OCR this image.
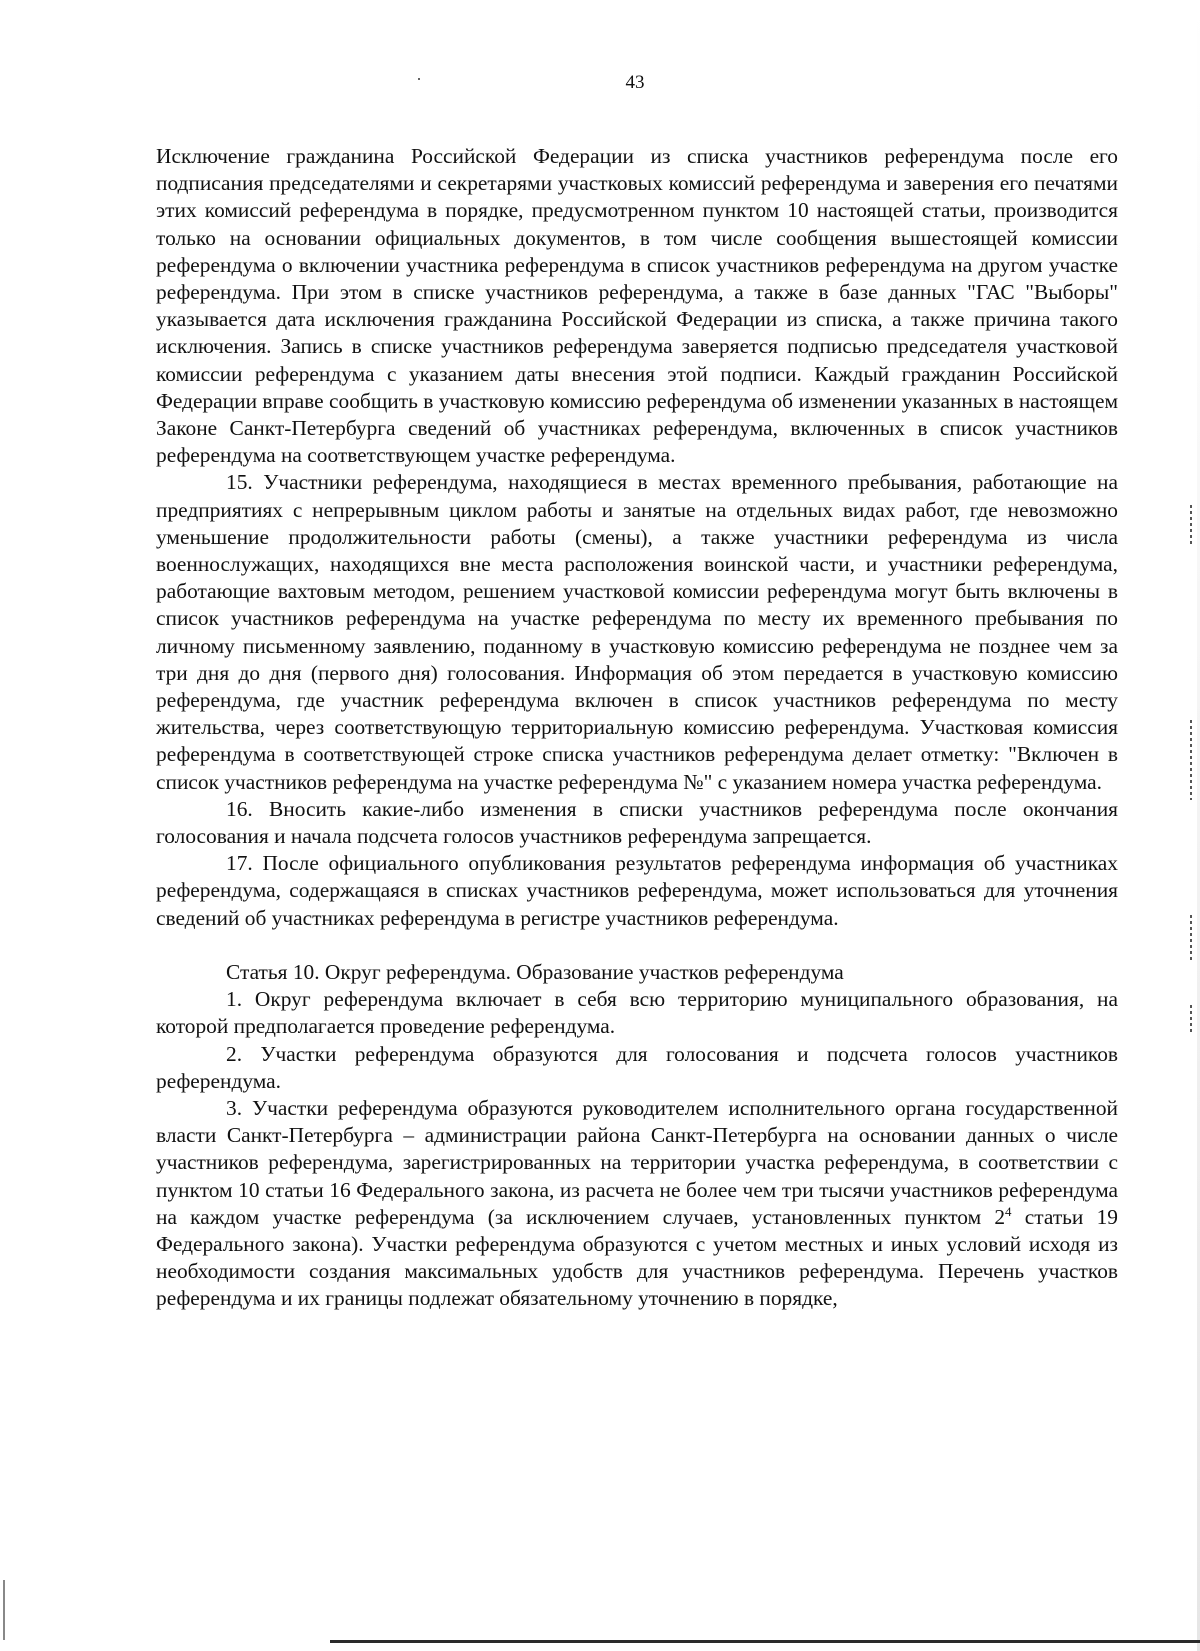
43

Исключение гражданина Российской Федерации из списка участников референдума после его подписания председателями и секретарями участковых комиссий референдума и заверения его печатями этих комиссий референдума в порядке, предусмотренном пунктом 10 настоящей статьи, производится только на основании официальных документов, в том числе сообщения вышестоящей комиссии референдума о включении участника референдума в список участников референдума на другом участке референдума. При этом в списке участников референдума, а также в базе данных "ГАС "Выборы" указывается дата исключения гражданина Российской Федерации из списка, а также причина такого исключения. Запись в списке участников референдума заверяется подписью председателя участковой комиссии референдума с указанием даты внесения этой подписи. Каждый гражданин Российской Федерации вправе сообщить в участковую комиссию референдума об изменении указанных в настоящем Законе Санкт-Петербурга сведений об участниках референдума, включенных в список участников референдума на соответствующем участке референдума.

15. Участники референдума, находящиеся в местах временного пребывания, работающие на предприятиях с непрерывным циклом работы и занятые на отдельных видах работ, где невозможно уменьшение продолжительности работы (смены), а также участники референдума из числа военнослужащих, находящихся вне места расположения воинской части, и участники референдума, работающие вахтовым методом, решением участковой комиссии референдума могут быть включены в список участников референдума на участке референдума по месту их временного пребывания по личному письменному заявлению, поданному в участковую комиссию референдума не позднее чем за три дня до дня (первого дня) голосования. Информация об этом передается в участковую комиссию референдума, где участник референдума включен в список участников референдума по месту жительства, через соответствующую территориальную комиссию референдума. Участковая комиссия референдума в соответствующей строке списка участников референдума делает отметку: "Включен в список участников референдума на участке референдума №" с указанием номера участка референдума.

16. Вносить какие-либо изменения в списки участников референдума после окончания голосования и начала подсчета голосов участников референдума запрещается.

17. После официального опубликования результатов референдума информация об участниках референдума, содержащаяся в списках участников референдума, может использоваться для уточнения сведений об участниках референдума в регистре участников референдума.

Статья 10. Округ референдума. Образование участков референдума

1. Округ референдума включает в себя всю территорию муниципального образования, на которой предполагается проведение референдума.

2. Участки референдума образуются для голосования и подсчета голосов участников референдума.

3. Участки референдума образуются руководителем исполнительного органа государственной власти Санкт-Петербурга – администрации района Санкт-Петербурга на основании данных о числе участников референдума, зарегистрированных на территории участка референдума, в соответствии с пунктом 10 статьи 16 Федерального закона, из расчета не более чем три тысячи участников референдума на каждом участке референдума (за исключением случаев, установленных пунктом $2^4$ статьи 19 Федерального закона). Участки референдума образуются с учетом местных и иных условий исходя из необходимости создания максимальных удобств для участников референдума. Перечень участков референдума и их границы подлежат обязательному уточнению в порядке,
